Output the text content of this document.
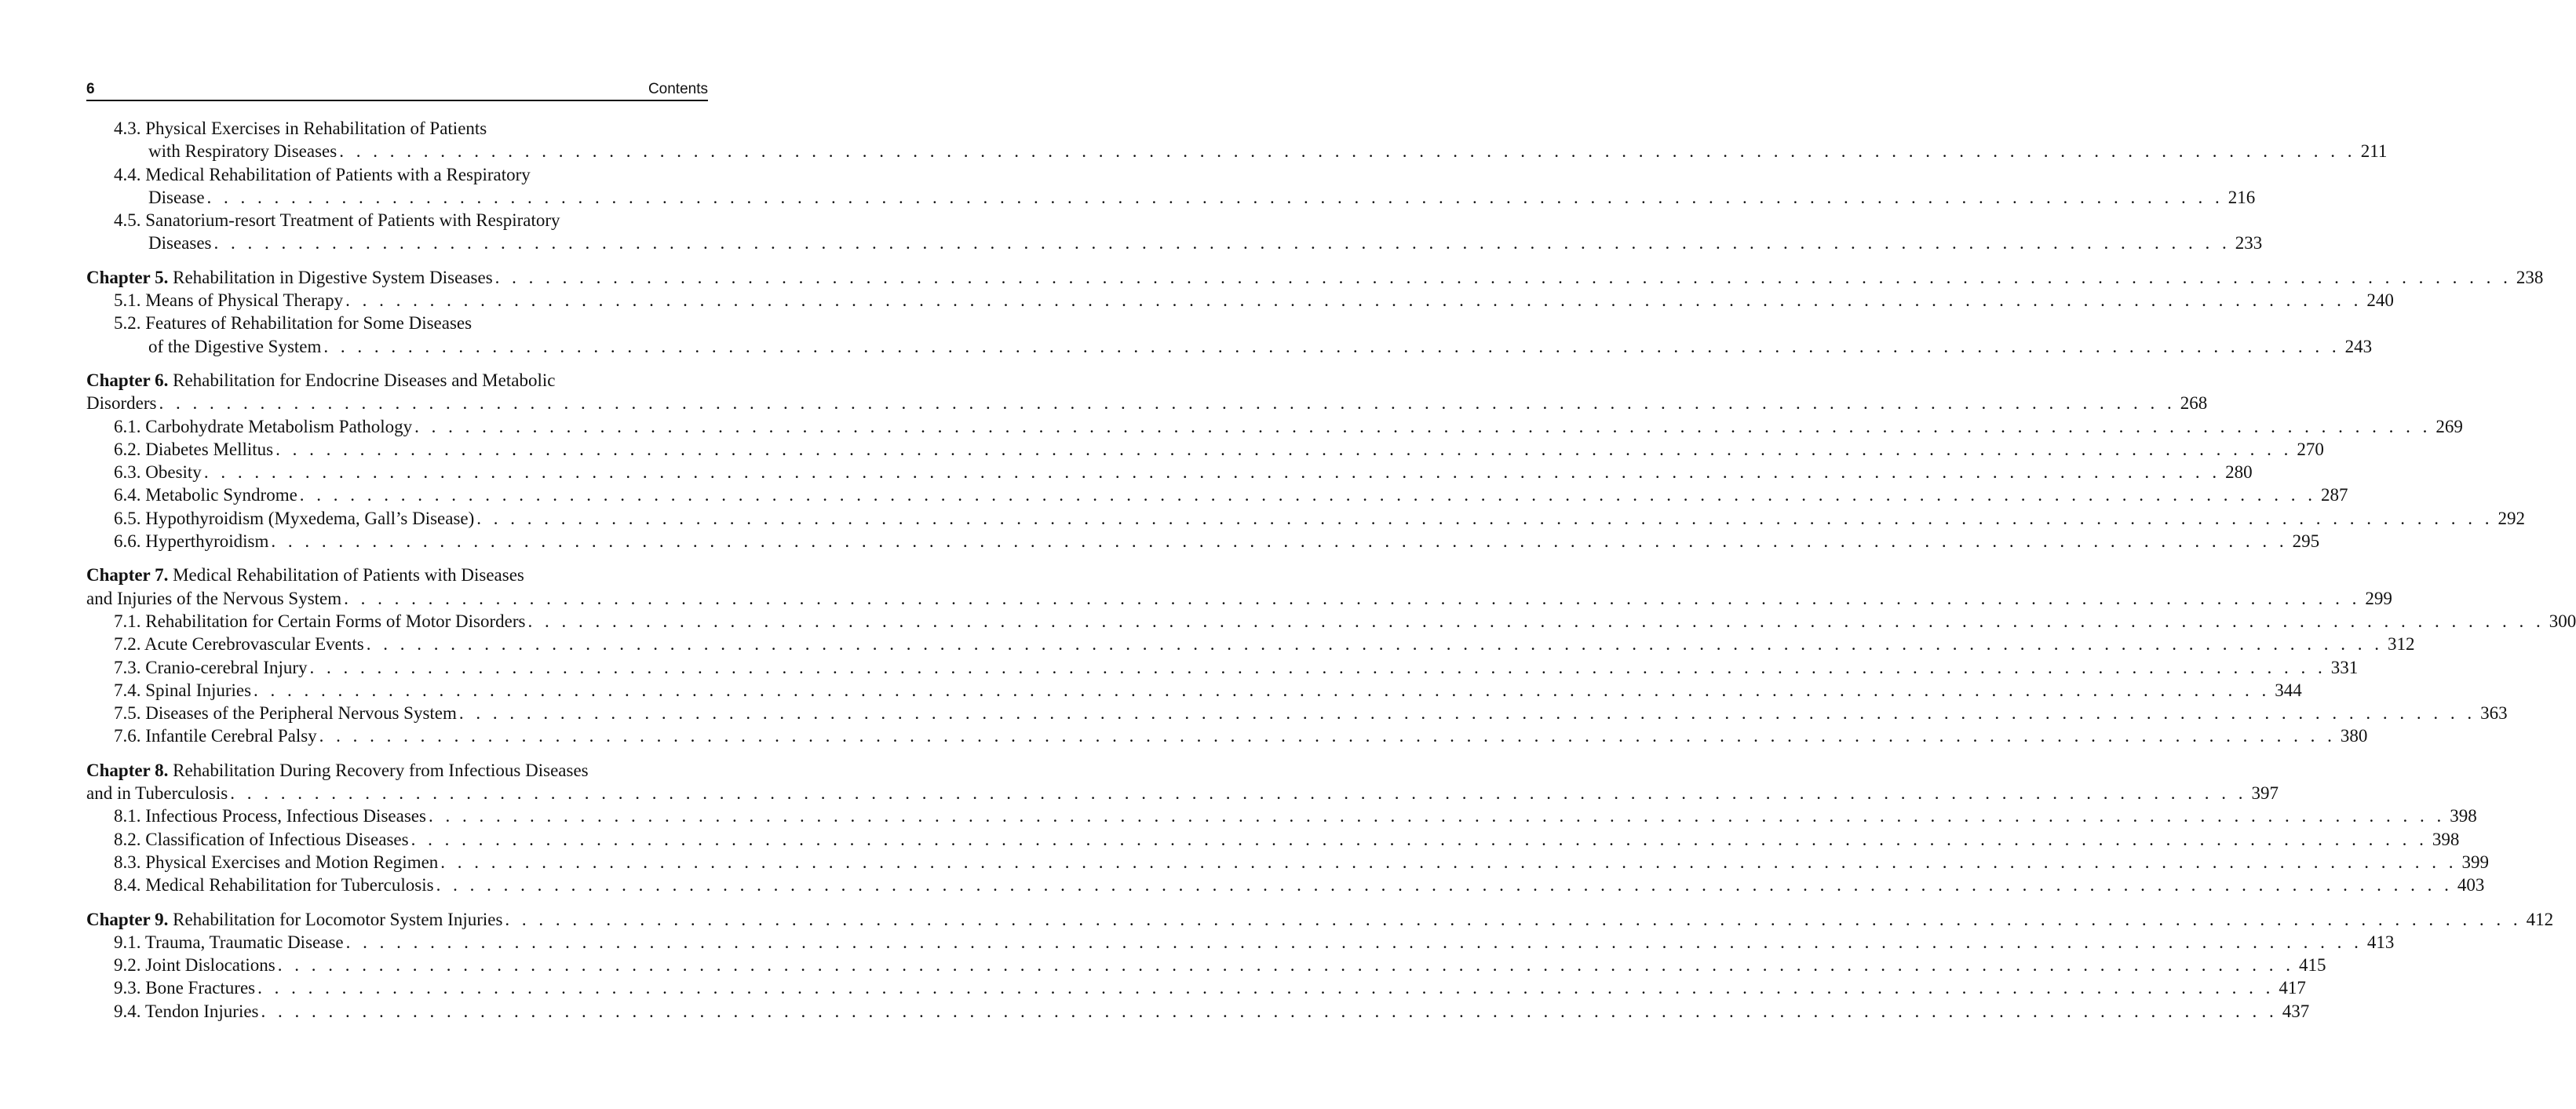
6	Contents
4.3. Physical Exercises in Rehabilitation of Patients
with Respiratory Diseases . . . . . . . . . . . . . . . . . . . . . . . . . . . . . . . . . . . . . . . . . . . . . . . . . . . . . . . . . . . . . . . . . . . . . . . . . . . . . . . . . . . . . . . . . . . . . . . . . . . . . . . . . . . . . . . . . . . . . . . . 211
4.4. Medical Rehabilitation of Patients with a Respiratory
Disease . . . . . . . . . . . . . . . . . . . . . . . . . . . . . . . . . . . . . . . . . . . . . . . . . . . . . . . . . . . . . . . . . . . . . . . . . . . . . . . . . . . . . . . . . . . . . . . . . . . . . . . . . . . . . . . . . . . . . . . . 216
4.5. Sanatorium-resort Treatment of Patients with Respiratory
Diseases . . . . . . . . . . . . . . . . . . . . . . . . . . . . . . . . . . . . . . . . . . . . . . . . . . . . . . . . . . . . . . . . . . . . . . . . . . . . . . . . . . . . . . . . . . . . . . . . . . . . . . . . . . . . . . . . . . . . . . . . 233
Chapter 5. Rehabilitation in Digestive System Diseases . . . . . . . . . . . . . . . . . . . . . . . . . . . . . . . . . . . . . . . . . . . . . . . . . . . . . . . . . . . . . . . . . . . . . . . . . . . . . . . . . . . . . . . . . . . . . . . . . . . . . . . . . . . . . . . . . . . . . . . . 238
5.1. Means of Physical Therapy . . . . . . . . . . . . . . . . . . . . . . . . . . . . . . . . . . . . . . . . . . . . . . . . . . . . . . . . . . . . . . . . . . . . . . . . . . . . . . . . . . . . . . . . . . . . . . . . . . . . . . . . . . . . . . . . . . . . . . . . 240
5.2. Features of Rehabilitation for Some Diseases
of the Digestive System . . . . . . . . . . . . . . . . . . . . . . . . . . . . . . . . . . . . . . . . . . . . . . . . . . . . . . . . . . . . . . . . . . . . . . . . . . . . . . . . . . . . . . . . . . . . . . . . . . . . . . . . . . . . . . . . . . . . . . . . 243
Chapter 6. Rehabilitation for Endocrine Diseases and Metabolic
Disorders . . . . . . . . . . . . . . . . . . . . . . . . . . . . . . . . . . . . . . . . . . . . . . . . . . . . . . . . . . . . . . . . . . . . . . . . . . . . . . . . . . . . . . . . . . . . . . . . . . . . . . . . . . . . . . . . . . . . . . . . 268
6.1. Carbohydrate Metabolism Pathology . . . . . . . . . . . . . . . . . . . . . . . . . . . . . . . . . . . . . . . . . . . . . . . . . . . . . . . . . . . . . . . . . . . . . . . . . . . . . . . . . . . . . . . . . . . . . . . . . . . . . . . . . . . . . . . . . . . . . . . . 269
6.2. Diabetes Mellitus . . . . . . . . . . . . . . . . . . . . . . . . . . . . . . . . . . . . . . . . . . . . . . . . . . . . . . . . . . . . . . . . . . . . . . . . . . . . . . . . . . . . . . . . . . . . . . . . . . . . . . . . . . . . . . . . . . . . . . . . 270
6.3. Obesity . . . . . . . . . . . . . . . . . . . . . . . . . . . . . . . . . . . . . . . . . . . . . . . . . . . . . . . . . . . . . . . . . . . . . . . . . . . . . . . . . . . . . . . . . . . . . . . . . . . . . . . . . . . . . . . . . . . . . . . . 280
6.4. Metabolic Syndrome . . . . . . . . . . . . . . . . . . . . . . . . . . . . . . . . . . . . . . . . . . . . . . . . . . . . . . . . . . . . . . . . . . . . . . . . . . . . . . . . . . . . . . . . . . . . . . . . . . . . . . . . . . . . . . . . . . . . . . . . 287
6.5. Hypothyroidism (Myxedema, Gall’s Disease) . . . . . . . . . . . . . . . . . . . . . . . . . . . . . . . . . . . . . . . . . . . . . . . . . . . . . . . . . . . . . . . . . . . . . . . . . . . . . . . . . . . . . . . . . . . . . . . . . . . . . . . . . . . . . . . . . . . . . . . . 292
6.6. Hyperthyroidism . . . . . . . . . . . . . . . . . . . . . . . . . . . . . . . . . . . . . . . . . . . . . . . . . . . . . . . . . . . . . . . . . . . . . . . . . . . . . . . . . . . . . . . . . . . . . . . . . . . . . . . . . . . . . . . . . . . . . . . . 295
Chapter 7. Medical Rehabilitation of Patients with Diseases
and Injuries of the Nervous System . . . . . . . . . . . . . . . . . . . . . . . . . . . . . . . . . . . . . . . . . . . . . . . . . . . . . . . . . . . . . . . . . . . . . . . . . . . . . . . . . . . . . . . . . . . . . . . . . . . . . . . . . . . . . . . . . . . . . . . . 299
7.1. Rehabilitation for Certain Forms of Motor Disorders . . . . . . . . . . . . . . . . . . . . . . . . . . . . . . . . . . . . . . . . . . . . . . . . . . . . . . . . . . . . . . . . . . . . . . . . . . . . . . . . . . . . . . . . . . . . . . . . . . . . . . . . . . . . . . . . . . . . . . . . 300
7.2. Acute Cerebrovascular Events . . . . . . . . . . . . . . . . . . . . . . . . . . . . . . . . . . . . . . . . . . . . . . . . . . . . . . . . . . . . . . . . . . . . . . . . . . . . . . . . . . . . . . . . . . . . . . . . . . . . . . . . . . . . . . . . . . . . . . . . 312
7.3. Cranio-cerebral Injury . . . . . . . . . . . . . . . . . . . . . . . . . . . . . . . . . . . . . . . . . . . . . . . . . . . . . . . . . . . . . . . . . . . . . . . . . . . . . . . . . . . . . . . . . . . . . . . . . . . . . . . . . . . . . . . . . . . . . . . . 331
7.4. Spinal Injuries . . . . . . . . . . . . . . . . . . . . . . . . . . . . . . . . . . . . . . . . . . . . . . . . . . . . . . . . . . . . . . . . . . . . . . . . . . . . . . . . . . . . . . . . . . . . . . . . . . . . . . . . . . . . . . . . . . . . . . . . 344
7.5. Diseases of the Peripheral Nervous System . . . . . . . . . . . . . . . . . . . . . . . . . . . . . . . . . . . . . . . . . . . . . . . . . . . . . . . . . . . . . . . . . . . . . . . . . . . . . . . . . . . . . . . . . . . . . . . . . . . . . . . . . . . . . . . . . . . . . . . . 363
7.6. Infantile Cerebral Palsy . . . . . . . . . . . . . . . . . . . . . . . . . . . . . . . . . . . . . . . . . . . . . . . . . . . . . . . . . . . . . . . . . . . . . . . . . . . . . . . . . . . . . . . . . . . . . . . . . . . . . . . . . . . . . . . . . . . . . . . . 380
Chapter 8. Rehabilitation During Recovery from Infectious Diseases
and in Tuberculosis . . . . . . . . . . . . . . . . . . . . . . . . . . . . . . . . . . . . . . . . . . . . . . . . . . . . . . . . . . . . . . . . . . . . . . . . . . . . . . . . . . . . . . . . . . . . . . . . . . . . . . . . . . . . . . . . . . . . . . . . 397
8.1. Infectious Process, Infectious Diseases . . . . . . . . . . . . . . . . . . . . . . . . . . . . . . . . . . . . . . . . . . . . . . . . . . . . . . . . . . . . . . . . . . . . . . . . . . . . . . . . . . . . . . . . . . . . . . . . . . . . . . . . . . . . . . . . . . . . . . . . 398
8.2. Classification of Infectious Diseases . . . . . . . . . . . . . . . . . . . . . . . . . . . . . . . . . . . . . . . . . . . . . . . . . . . . . . . . . . . . . . . . . . . . . . . . . . . . . . . . . . . . . . . . . . . . . . . . . . . . . . . . . . . . . . . . . . . . . . . . 398
8.3. Physical Exercises and Motion Regimen . . . . . . . . . . . . . . . . . . . . . . . . . . . . . . . . . . . . . . . . . . . . . . . . . . . . . . . . . . . . . . . . . . . . . . . . . . . . . . . . . . . . . . . . . . . . . . . . . . . . . . . . . . . . . . . . . . . . . . . . 399
8.4. Medical Rehabilitation for Tuberculosis . . . . . . . . . . . . . . . . . . . . . . . . . . . . . . . . . . . . . . . . . . . . . . . . . . . . . . . . . . . . . . . . . . . . . . . . . . . . . . . . . . . . . . . . . . . . . . . . . . . . . . . . . . . . . . . . . . . . . . . . 403
Chapter 9. Rehabilitation for Locomotor System Injuries . . . . . . . . . . . . . . . . . . . . . . . . . . . . . . . . . . . . . . . . . . . . . . . . . . . . . . . . . . . . . . . . . . . . . . . . . . . . . . . . . . . . . . . . . . . . . . . . . . . . . . . . . . . . . . . . . . . . . . . . 412
9.1. Trauma, Traumatic Disease . . . . . . . . . . . . . . . . . . . . . . . . . . . . . . . . . . . . . . . . . . . . . . . . . . . . . . . . . . . . . . . . . . . . . . . . . . . . . . . . . . . . . . . . . . . . . . . . . . . . . . . . . . . . . . . . . . . . . . . . 413
9.2. Joint Dislocations . . . . . . . . . . . . . . . . . . . . . . . . . . . . . . . . . . . . . . . . . . . . . . . . . . . . . . . . . . . . . . . . . . . . . . . . . . . . . . . . . . . . . . . . . . . . . . . . . . . . . . . . . . . . . . . . . . . . . . . . 415
9.3. Bone Fractures . . . . . . . . . . . . . . . . . . . . . . . . . . . . . . . . . . . . . . . . . . . . . . . . . . . . . . . . . . . . . . . . . . . . . . . . . . . . . . . . . . . . . . . . . . . . . . . . . . . . . . . . . . . . . . . . . . . . . . . . 417
9.4. Tendon Injuries . . . . . . . . . . . . . . . . . . . . . . . . . . . . . . . . . . . . . . . . . . . . . . . . . . . . . . . . . . . . . . . . . . . . . . . . . . . . . . . . . . . . . . . . . . . . . . . . . . . . . . . . . . . . . . . . . . . . . . . . 437
